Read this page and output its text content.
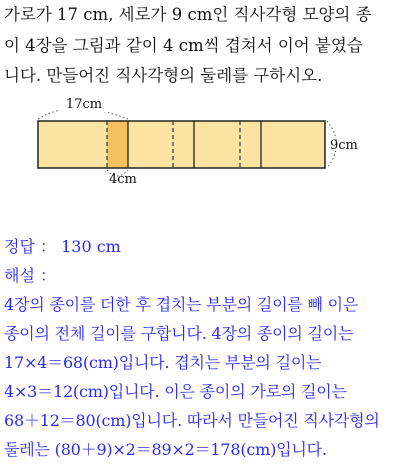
가로가 17 cm, 세로가 9 cm인 직사각형 모양의 종
이 4장을 그림과 같이 4 cm씩 겹쳐서 이어 붙였습
니다. 만들어진 직사각형의 둘레를 구하시오.
17cm
9cm
4cm
정답 ： 130 cm
해설 ：
4장의 종이를 더한 후 겹치는 부분의 길이를 빼 이은
종이의 전체 길이를 구합니다. 4장의 종이의 길이는
17×4＝68(cm)입니다. 겹치는 부분의 길이는
4×3＝12(cm)입니다. 이은 종이의 가로의 길이는
68＋12＝80(cm)입니다. 따라서 만들어진 직사각형의
둘레는 (80＋9)×2＝89×2＝178(cm)입니다.
